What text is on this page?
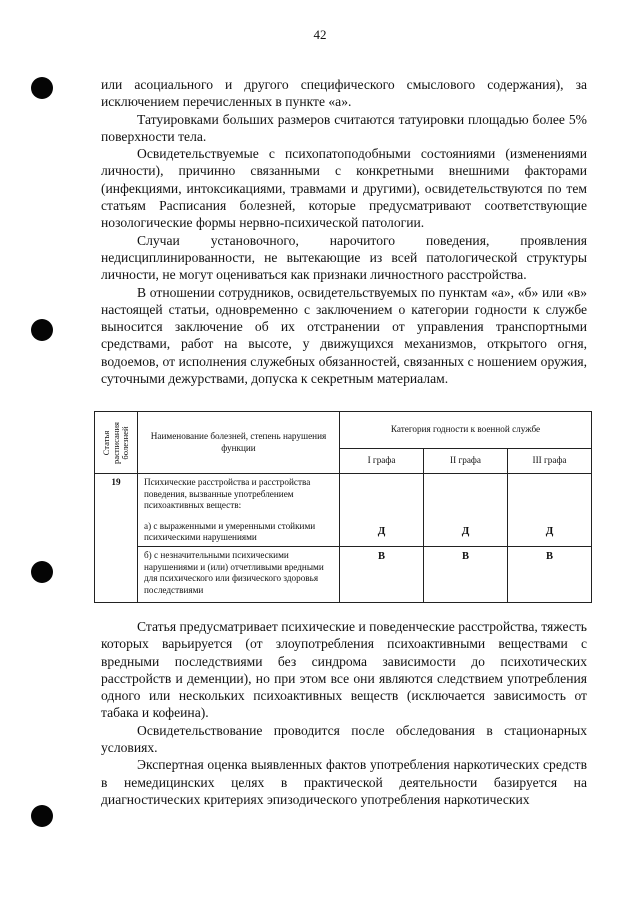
42

или асоциального и другого специфического смыслового содержания), за исключением перечисленных в пункте «а».

Татуировками больших размеров считаются татуировки площадью более 5% поверхности тела.

Освидетельствуемые с психопатоподобными состояниями (изменениями личности), причинно связанными с конкретными внешними факторами (инфекциями, интоксикациями, травмами и другими), освидетельствуются по тем статьям Расписания болезней, которые предусматривают соответствующие нозологические формы нервно-психической патологии.

Случаи установочного, нарочитого поведения, проявления недисциплинированности, не вытекающие из всей патологической структуры личности, не могут оцениваться как признаки личностного расстройства.

В отношении сотрудников, освидетельствуемых по пунктам «а», «б» или «в» настоящей статьи, одновременно с заключением о категории годности к службе выносится заключение об их отстранении от управления транспортными средствами, работ на высоте, у движущихся механизмов, открытого огня, водоемов, от исполнения служебных обязанностей, связанных с ношением оружия, суточными дежурствами, допуска к секретным материалам.

Статья расписания болезней	Наименование болезней, степень нарушения функции	Категория годности к военной службе		
		I графа	II графа	III графа
19	Психические расстройства и расстройства поведения, вызванные употреблением психоактивных веществ:
а) с выраженными и умеренными стойкими психическими нарушениями	Д	Д	Д
	б) с незначительными психическими нарушениями и (или) отчетливыми вредными для психического или физического здоровья последствиями	В	В	В

Статья предусматривает психические и поведенческие расстройства, тяжесть которых варьируется (от злоупотребления психоактивными веществами с вредными последствиями без синдрома зависимости до психотических расстройств и деменции), но при этом все они являются следствием употребления одного или нескольких психоактивных веществ (исключается зависимость от табака и кофеина).

Освидетельствование проводится после обследования в стационарных условиях.

Экспертная оценка выявленных фактов употребления наркотических средств в немедицинских целях в практической деятельности базируется на диагностических критериях эпизодического употребления наркотических
